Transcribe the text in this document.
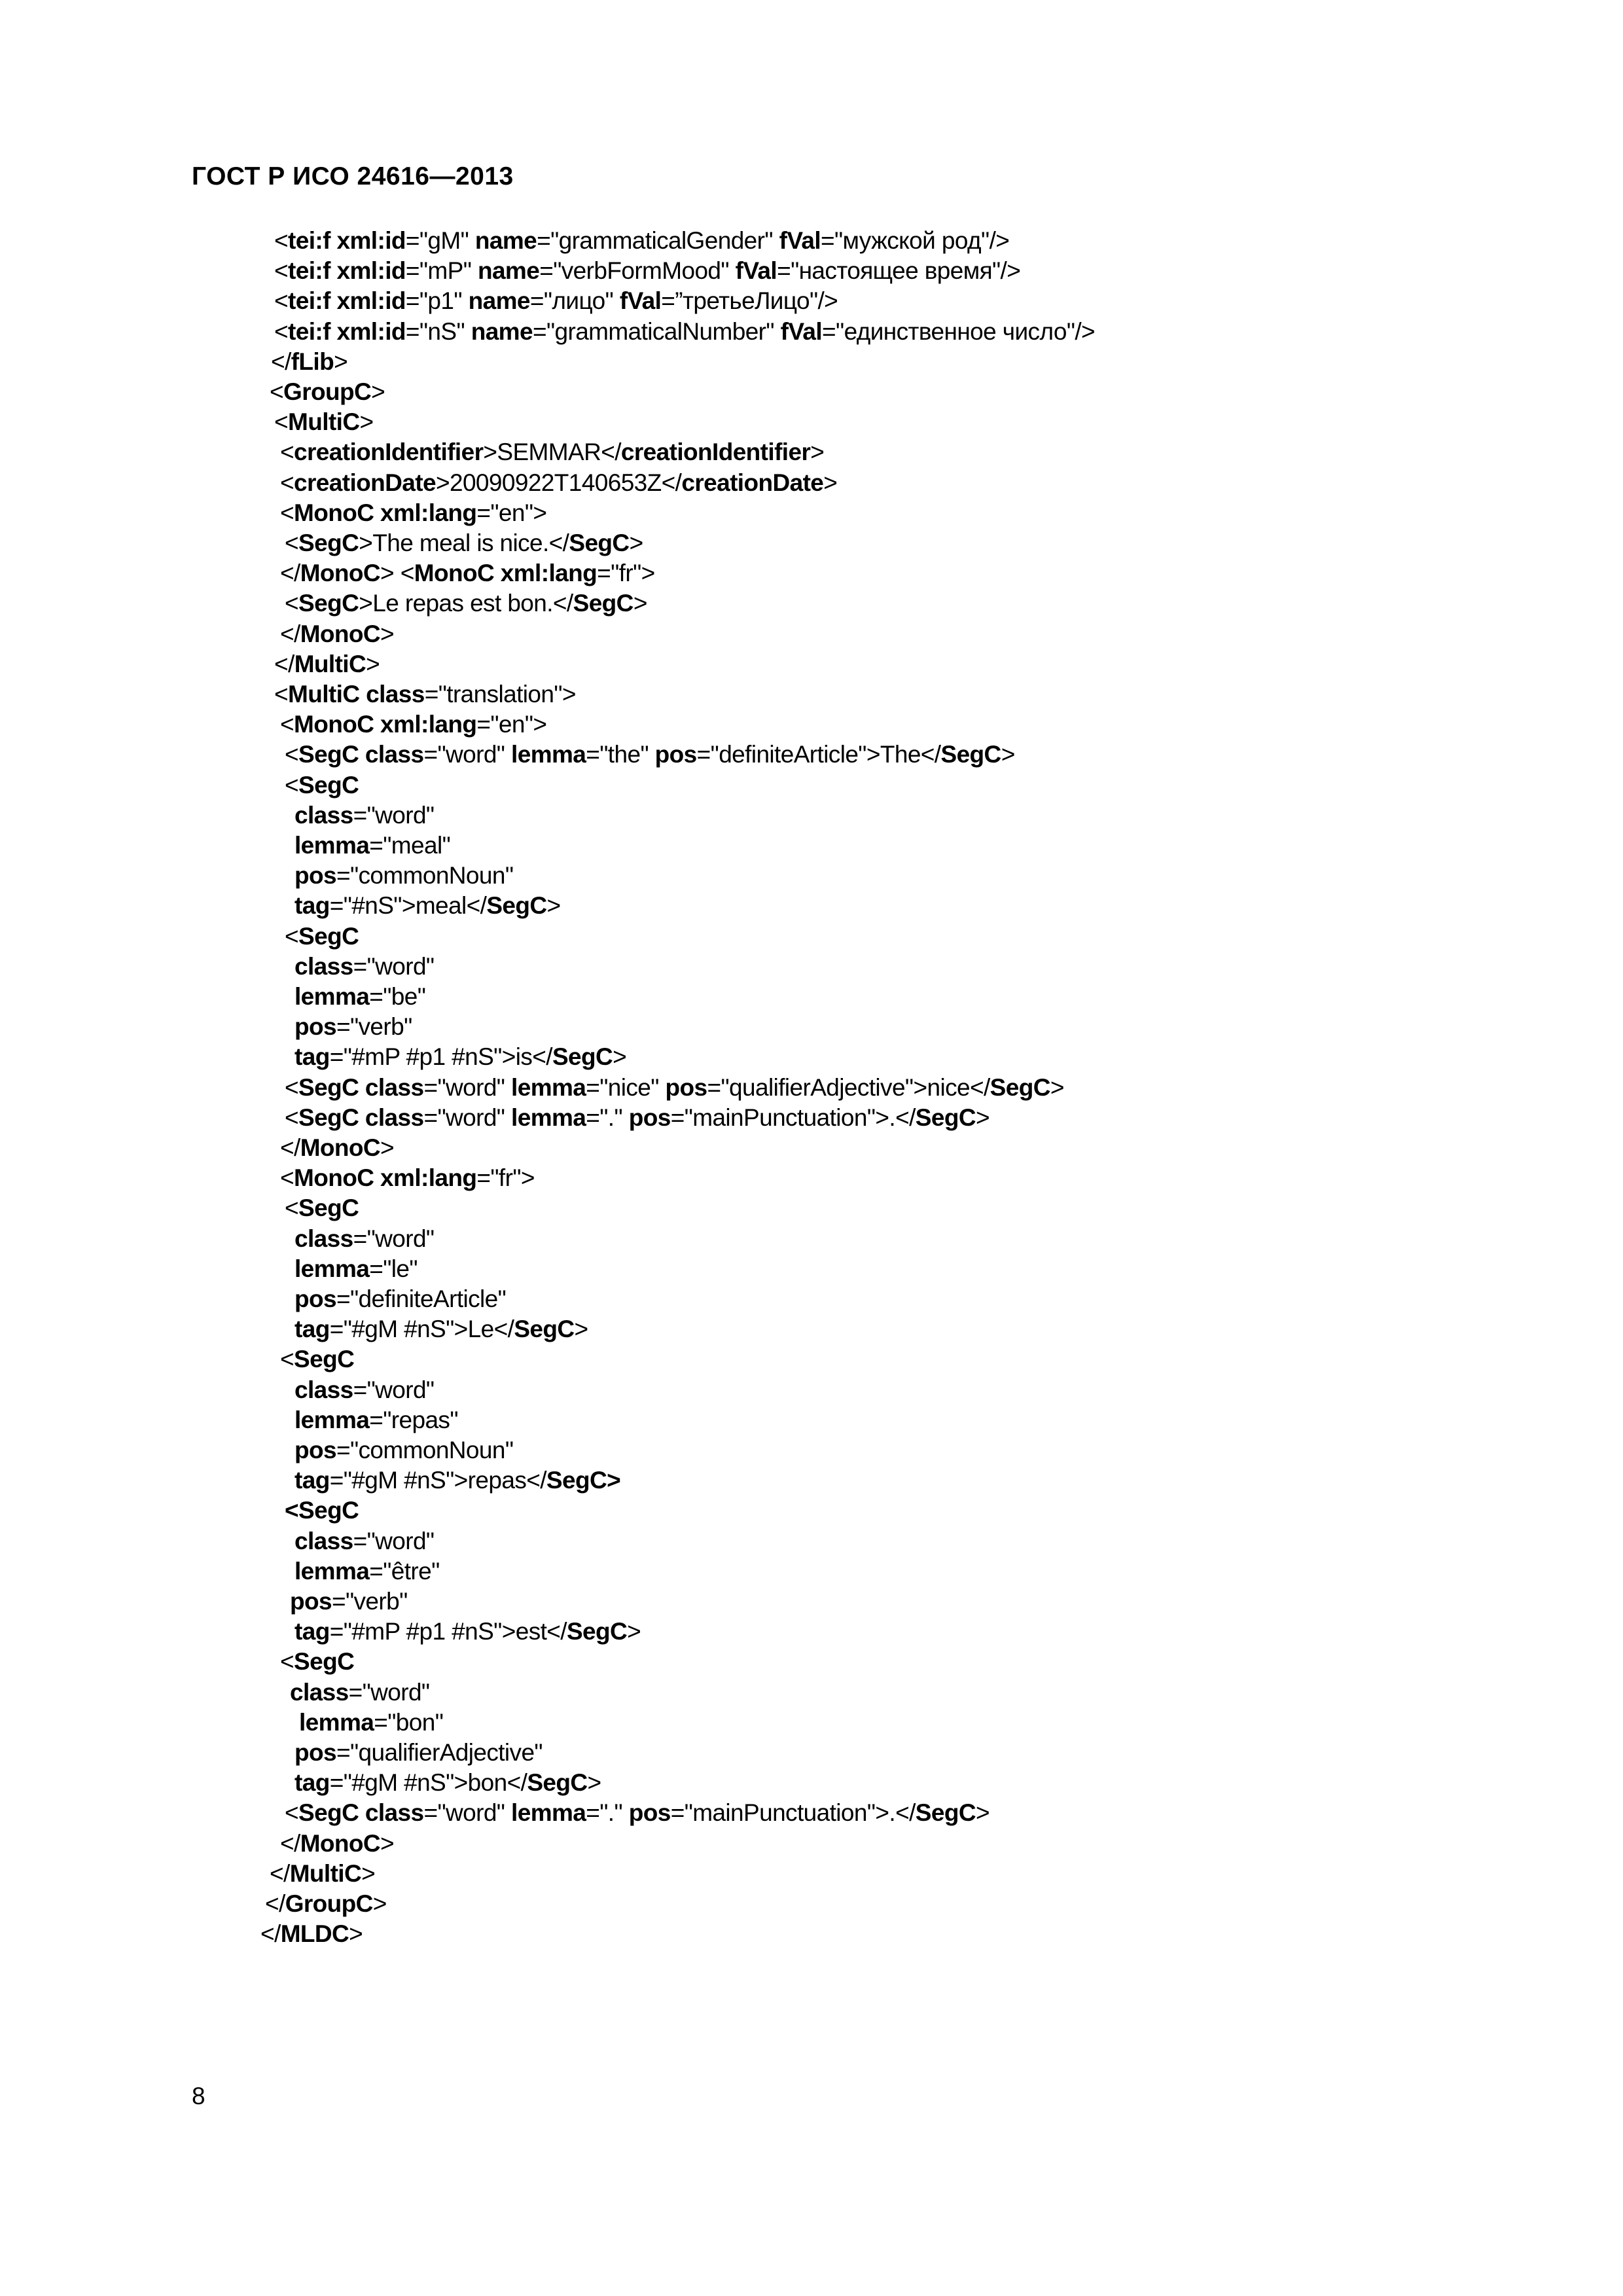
ГОСТ Р ИСО 24616—2013
<tei:f xml:id="gM" name="grammaticalGender" fVal="мужской род"/>
<tei:f xml:id="mP" name="verbFormMood" fVal="настоящее время"/>
<tei:f xml:id="p1" name="лицо" fVal=”третьеЛицо"/>
<tei:f xml:id="nS" name="grammaticalNumber" fVal="единственное число"/>
</fLib>
<GroupC>
<MultiC>
<creationIdentifier>SEMMAR</creationIdentifier>
<creationDate>20090922T140653Z</creationDate>
<MonoC xml:lang="en">
<SegC>The meal is nice.</SegC>
</MonoC> <MonoC xml:lang="fr">
<SegC>Le repas est bon.</SegC>
</MonoC>
</MultiC>
<MultiC class="translation">
<MonoC xml:lang="en">
<SegC class="word" lemma="the" pos="definiteArticle">The</SegC>
<SegC
class="word"
lemma="meal"
pos="commonNoun"
tag="#nS">meal</SegC>
<SegC
class="word"
lemma="be"
pos="verb"
tag="#mP #p1 #nS">is</SegC>
<SegC class="word" lemma="nice" pos="qualifierAdjective">nice</SegC>
<SegC class="word" lemma="." pos="mainPunctuation">.</SegC>
</MonoC>
<MonoC xml:lang="fr">
<SegC
class="word"
lemma="le"
pos="definiteArticle"
tag="#gM #nS">Le</SegC>
<SegC
class="word"
lemma="repas"
pos="commonNoun"
tag="#gM #nS">repas</SegC>
<SegC
class="word"
lemma="être"
pos="verb"
tag="#mP #p1 #nS">est</SegC>
<SegC
class="word"
lemma="bon"
pos="qualifierAdjective"
tag="#gM #nS">bon</SegC>
<SegC class="word" lemma="." pos="mainPunctuation">.</SegC>
</MonoC>
</MultiC>
</GroupC>
</MLDC>
8
